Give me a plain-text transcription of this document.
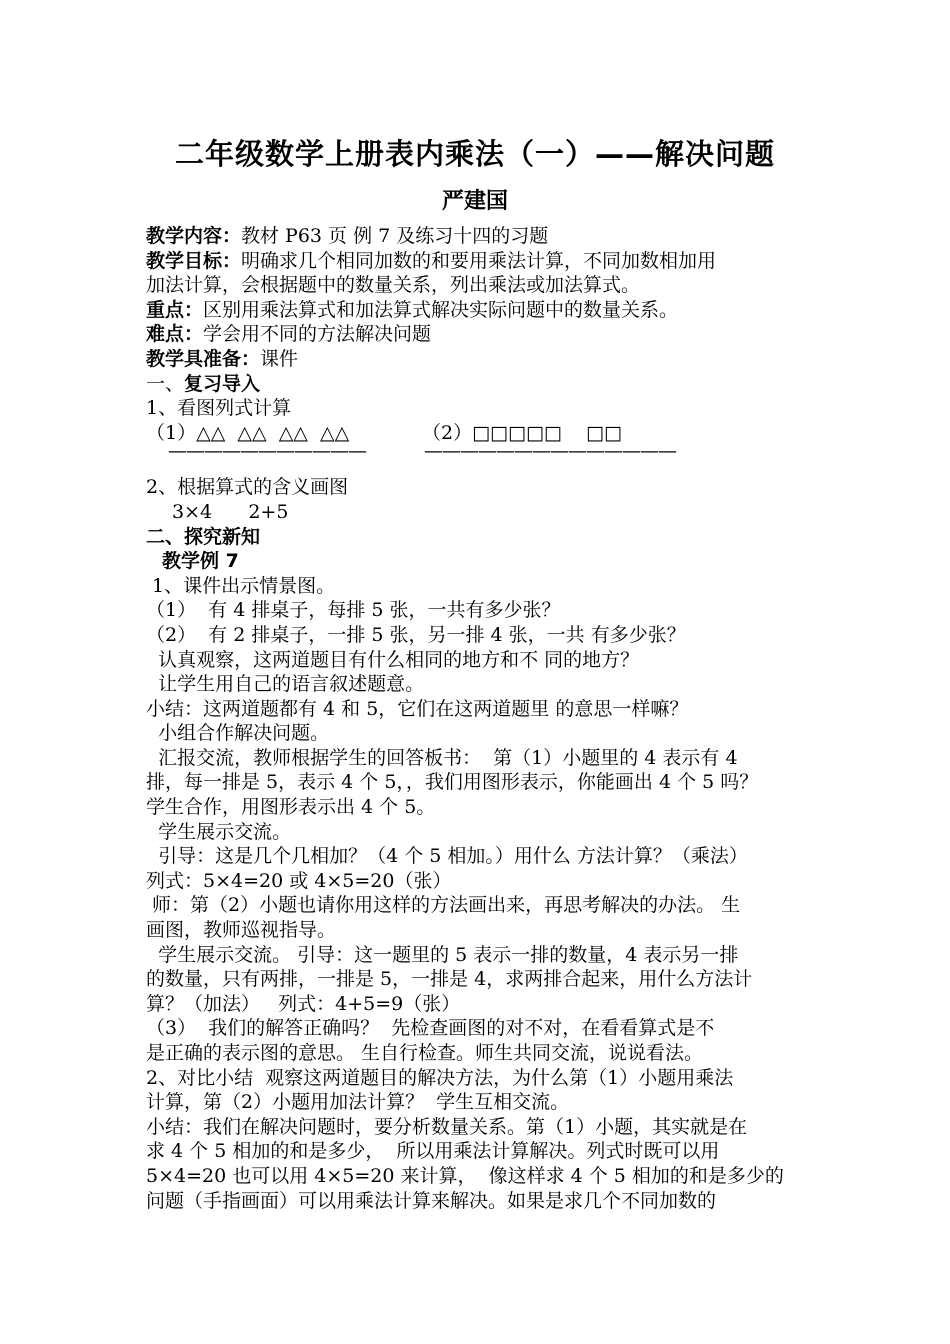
二年级数学上册表内乘法（一）——解决问题
严建国
教学内容：教材 P63 页 例 7 及练习十四的习题
教学目标：明确求几个相同加数的和要用乘法计算，不同加数相加用
加法计算，会根据题中的数量关系，列出乘法或加法算式。
重点：区别用乘法算式和加法算式解决实际问题中的数量关系。
难点：学会用不同的方法解决问题
教学具准备：课件
一、复习导入
1、看图列式计算
（1）△△  △△  △△  △△	（2）□□□□□    □□
———————————	——————————————
2、根据算式的含义画图
3×4      2+5
二、探究新知
教学例 7
1、课件出示情景图。
（1）  有 4 排桌子，每排 5 张，一共有多少张？
（2）  有 2 排桌子，一排 5 张，另一排 4 张，一共 有多少张？
认真观察，这两道题目有什么相同的地方和不 同的地方？
让学生用自己的语言叙述题意。
小结：这两道题都有 4 和 5，它们在这两道题里 的意思一样嘛？
小组合作解决问题。
汇报交流，教师根据学生的回答板书：  第（1）小题里的 4 表示有 4
排，每一排是 5，表示 4 个 5，，我们用图形表示，你能画出 4 个 5 吗？
学生合作，用图形表示出 4 个 5。
学生展示交流。
引导：这是几个几相加？（4 个 5 相加。）用什么 方法计算？（乘法）
列式：5×4=20 或 4×5=20（张）
师：第（2）小题也请你用这样的方法画出来，再思考解决的办法。 生
画图，教师巡视指导。
学生展示交流。 引导：这一题里的 5 表示一排的数量，4 表示另一排
的数量，只有两排，一排是 5，一排是 4，求两排合起来，用什么方法计
算？（加法）   列式：4+5=9（张）
（3）  我们的解答正确吗？  先检查画图的对不对，在看看算式是不
是正确的表示图的意思。 生自行检查。师生共同交流，说说看法。
2、对比小结  观察这两道题目的解决方法，为什么第（1）小题用乘法
计算，第（2）小题用加法计算？  学生互相交流。
小结：我们在解决问题时，要分析数量关系。第（1）小题，其实就是在
求 4 个 5 相加的和是多少，  所以用乘法计算解决。列式时既可以用
5×4=20 也可以用 4×5=20 来计算，  像这样求 4 个 5 相加的和是多少的
问题（手指画面）可以用乘法计算来解决。如果是求几个不同加数的
